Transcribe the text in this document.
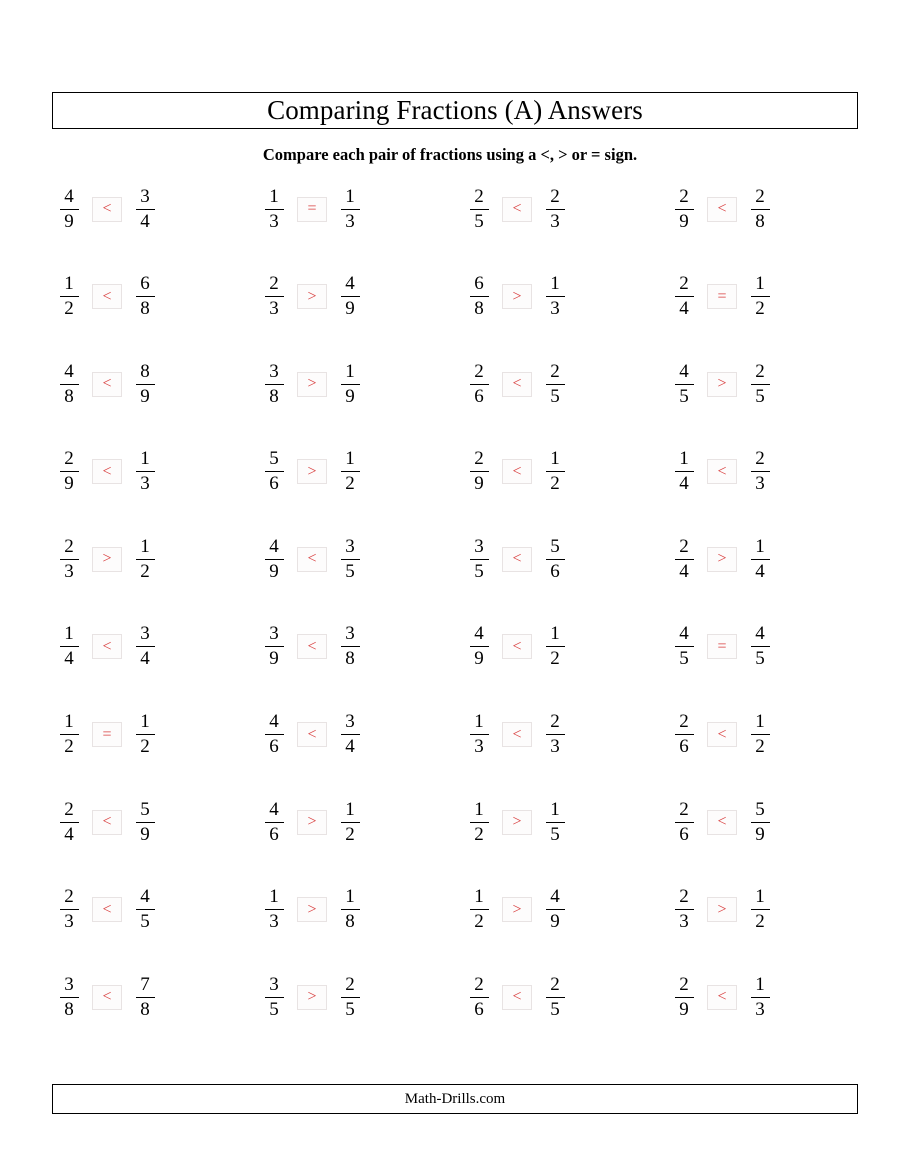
Comparing Fractions (A) Answers
Compare each pair of fractions using a <, > or = sign.
$\frac{4}{9}$	< $\frac{3}{4}$	$\frac{1}{3}$	= $\frac{1}{3}$	$\frac{2}{5}$	< $\frac{2}{3}$	$\frac{2}{9}$	< $\frac{2}{8}$
$\frac{1}{2}$	< $\frac{6}{8}$	$\frac{2}{3}$	> $\frac{4}{9}$	$\frac{6}{8}$	> $\frac{1}{3}$	$\frac{2}{4}$	= $\frac{1}{2}$
$\frac{4}{8}$	< $\frac{8}{9}$	$\frac{3}{8}$	> $\frac{1}{9}$	$\frac{2}{6}$	< $\frac{2}{5}$	$\frac{4}{5}$	> $\frac{2}{5}$
$\frac{2}{9}$	< $\frac{1}{3}$	$\frac{5}{6}$	> $\frac{1}{2}$	$\frac{2}{9}$	< $\frac{1}{2}$	$\frac{1}{4}$	< $\frac{2}{3}$
$\frac{2}{3}$	> $\frac{1}{2}$	$\frac{4}{9}$	< $\frac{3}{5}$	$\frac{3}{5}$	< $\frac{5}{6}$	$\frac{2}{4}$	> $\frac{1}{4}$
$\frac{1}{4}$	< $\frac{3}{4}$	$\frac{3}{9}$	< $\frac{3}{8}$	$\frac{4}{9}$	< $\frac{1}{2}$	$\frac{4}{5}$	= $\frac{4}{5}$
$\frac{1}{2}$	= $\frac{1}{2}$	$\frac{4}{6}$	< $\frac{3}{4}$	$\frac{1}{3}$	< $\frac{2}{3}$	$\frac{2}{6}$	< $\frac{1}{2}$
$\frac{2}{4}$	< $\frac{5}{9}$	$\frac{4}{6}$	> $\frac{1}{2}$	$\frac{1}{2}$	> $\frac{1}{5}$	$\frac{2}{6}$	< $\frac{5}{9}$
$\frac{2}{3}$	< $\frac{4}{5}$	$\frac{1}{3}$	> $\frac{1}{8}$	$\frac{1}{2}$	> $\frac{4}{9}$	$\frac{2}{3}$	> $\frac{1}{2}$
$\frac{3}{8}$	< $\frac{7}{8}$	$\frac{3}{5}$	> $\frac{2}{5}$	$\frac{2}{6}$	< $\frac{2}{5}$	$\frac{2}{9}$	< $\frac{1}{3}$
Math-Drills.com
